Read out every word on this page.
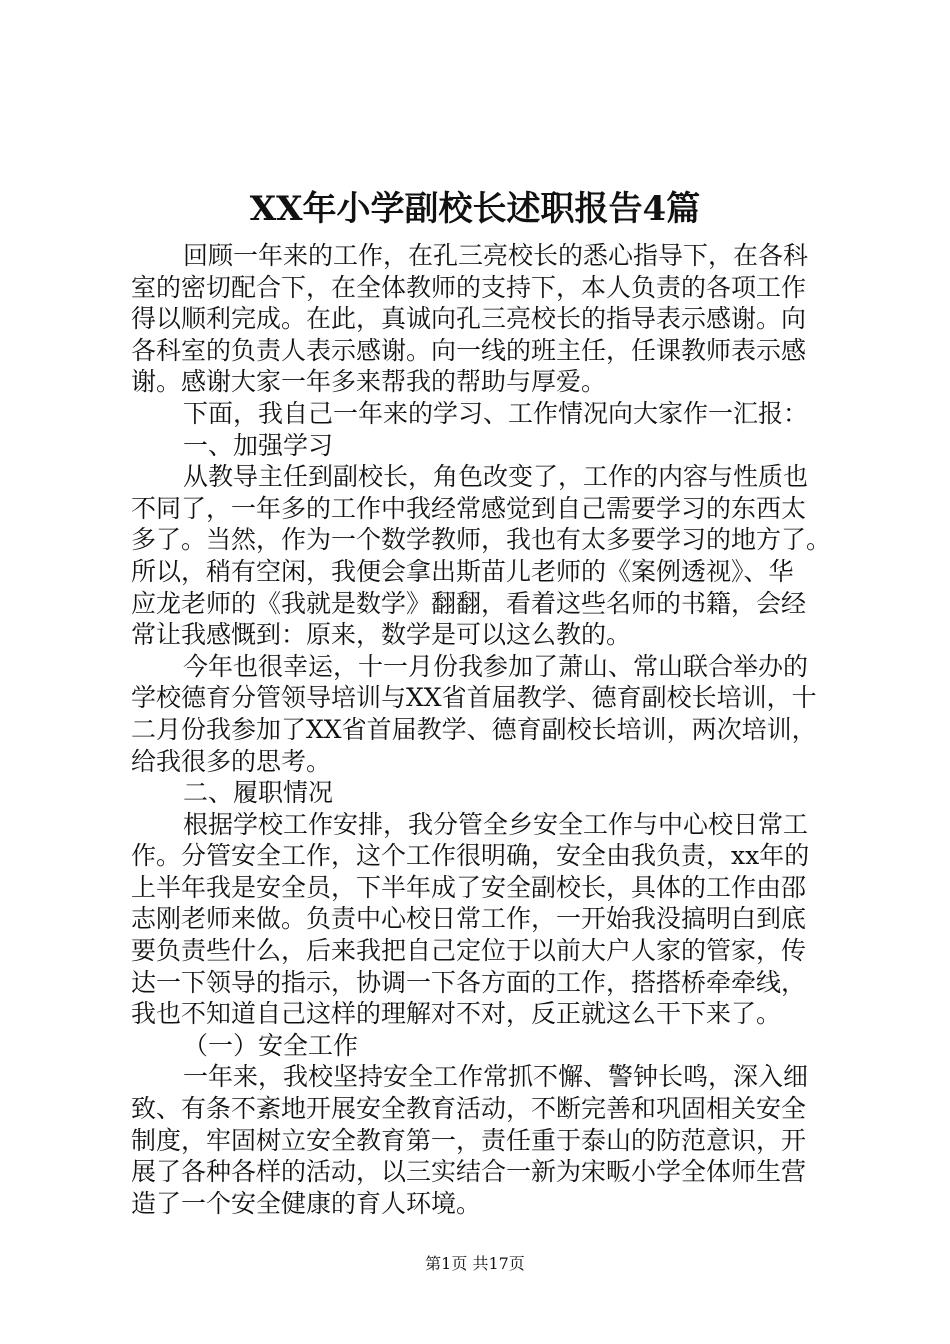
XX年小学副校长述职报告4篇
回顾一年来的工作，在孔三亮校长的悉心指导下，在各科
室的密切配合下，在全体教师的支持下，本人负责的各项工作
得以顺利完成。在此，真诚向孔三亮校长的指导表示感谢。向
各科室的负责人表示感谢。向一线的班主任，任课教师表示感
谢。感谢大家一年多来帮我的帮助与厚爱。
下面，我自己一年来的学习、工作情况向大家作一汇报：
一、加强学习
从教导主任到副校长，角色改变了，工作的内容与性质也
不同了，一年多的工作中我经常感觉到自己需要学习的东西太
多了。当然，作为一个数学教师，我也有太多要学习的地方了。
所以，稍有空闲，我便会拿出斯苗儿老师的《案例透视》、华
应龙老师的《我就是数学》翻翻，看着这些名师的书籍，会经
常让我感慨到：原来，数学是可以这么教的。
今年也很幸运，十一月份我参加了萧山、常山联合举办的
学校德育分管领导培训与XX省首届教学、德育副校长培训，十
二月份我参加了XX省首届教学、德育副校长培训，两次培训，
给我很多的思考。
二、履职情况
根据学校工作安排，我分管全乡安全工作与中心校日常工
作。分管安全工作，这个工作很明确，安全由我负责，xx年的
上半年我是安全员，下半年成了安全副校长，具体的工作由邵
志刚老师来做。负责中心校日常工作，一开始我没搞明白到底
要负责些什么，后来我把自己定位于以前大户人家的管家，传
达一下领导的指示，协调一下各方面的工作，搭搭桥牵牵线，
我也不知道自己这样的理解对不对，反正就这么干下来了。
（一）安全工作
一年来，我校坚持安全工作常抓不懈、警钟长鸣，深入细
致、有条不紊地开展安全教育活动，不断完善和巩固相关安全
制度，牢固树立安全教育第一，责任重于泰山的防范意识，开
展了各种各样的活动，以三实结合一新为宋畈小学全体师生营
造了一个安全健康的育人环境。
第1页 共17页
